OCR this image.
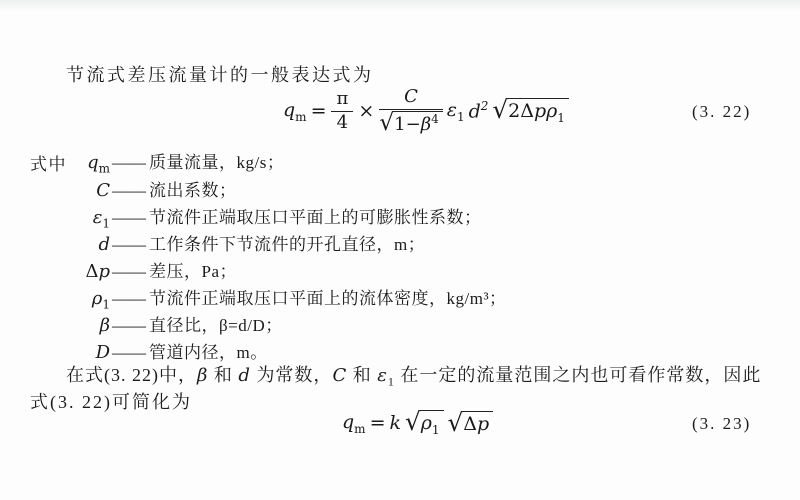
节流式差压流量计的一般表达式为
$q_m = \frac{\pi}{4} \times \frac{C}{√ 1-\beta^4} \varepsilon_1$ $d^2$ √ 2Δpρ$_1$	(3. 22)
式中	$q_m$ —— 质量流量，kg/s；
C —— 流出系数；
$\varepsilon_1$ —— 节流件正端取压口平面上的可膨胀性系数；
d —— 工作条件下节流件的开孔直径，m；
Δp —— 差压，Pa；
$\rho_1$ —— 节流件正端取压口平面上的流体密度，kg/m³；
β —— 直径比，β=d/D；
D —— 管道内径，m。
在式(3. 22)中，β 和 d 为常数，C 和 $\varepsilon_1$ 在一定的流量范围之内也可看作常数，因此
式(3. 22)可简化为
$q_m = k$ √ $\rho_1$ √ Δp	(3. 23)
